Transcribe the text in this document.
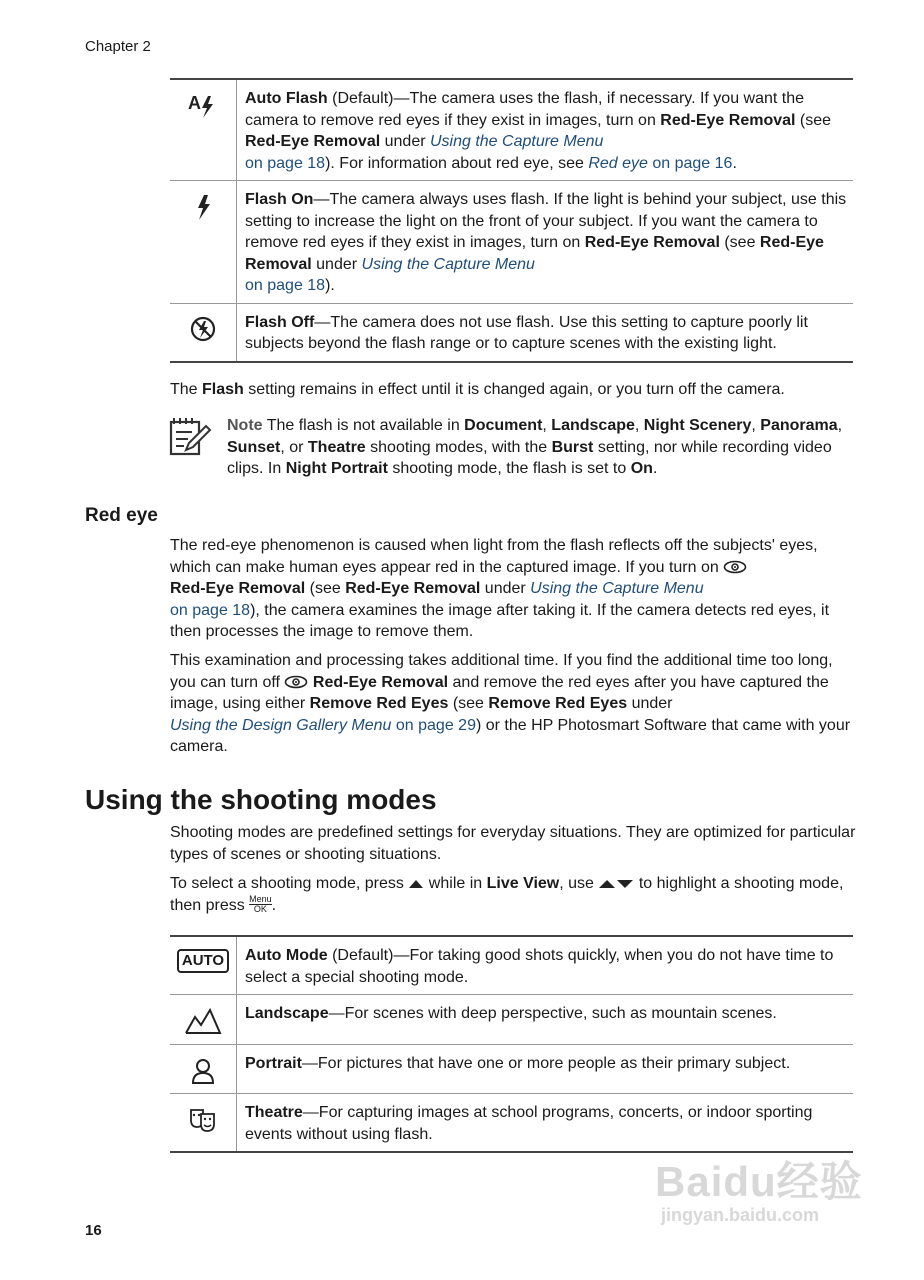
Chapter 2
A	Auto Flash (Default)—The camera uses the flash, if necessary. If you want the camera to remove red eyes if they exist in images, turn on Red-Eye Removal (see Red-Eye Removal under Using the Capture Menu
on page 18). For information about red eye, see Red eye on page 16.
	Flash On—The camera always uses flash. If the light is behind your subject, use this setting to increase the light on the front of your subject. If you want the camera to remove red eyes if they exist in images, turn on Red-Eye Removal (see Red-Eye Removal under Using the Capture Menu
on page 18).
	Flash Off—The camera does not use flash. Use this setting to capture poorly lit subjects beyond the flash range or to capture scenes with the existing light.
The Flash setting remains in effect until it is changed again, or you turn off the camera.
Note The flash is not available in Document, Landscape, Night Scenery, Panorama, Sunset, or Theatre shooting modes, with the Burst setting, nor while recording video clips. In Night Portrait shooting mode, the flash is set to On.
Red eye
The red-eye phenomenon is caused when light from the flash reflects off the subjects' eyes, which can make human eyes appear red in the captured image. If you turn on
Red-Eye Removal (see Red-Eye Removal under Using the Capture Menu
on page 18), the camera examines the image after taking it. If the camera detects red eyes, it then processes the image to remove them.
This examination and processing takes additional time. If you find the additional time too long, you can turn off  Red-Eye Removal and remove the red eyes after you have captured the image, using either Remove Red Eyes (see Remove Red Eyes under
Using the Design Gallery Menu on page 29) or the HP Photosmart Software that came with your camera.
Using the shooting modes
Shooting modes are predefined settings for everyday situations. They are optimized for particular types of scenes or shooting situations.
To select a shooting mode, press  while in Live View, use  to highlight a shooting mode, then press Menu
OK .
AUTO	Auto Mode (Default)—For taking good shots quickly, when you do not have time to select a special shooting mode.
	Landscape—For scenes with deep perspective, such as mountain scenes.
	Portrait—For pictures that have one or more people as their primary subject.
	Theatre—For capturing images at school programs, concerts, or indoor sporting events without using flash.
16
Baidu经验
jingyan.baidu.com
